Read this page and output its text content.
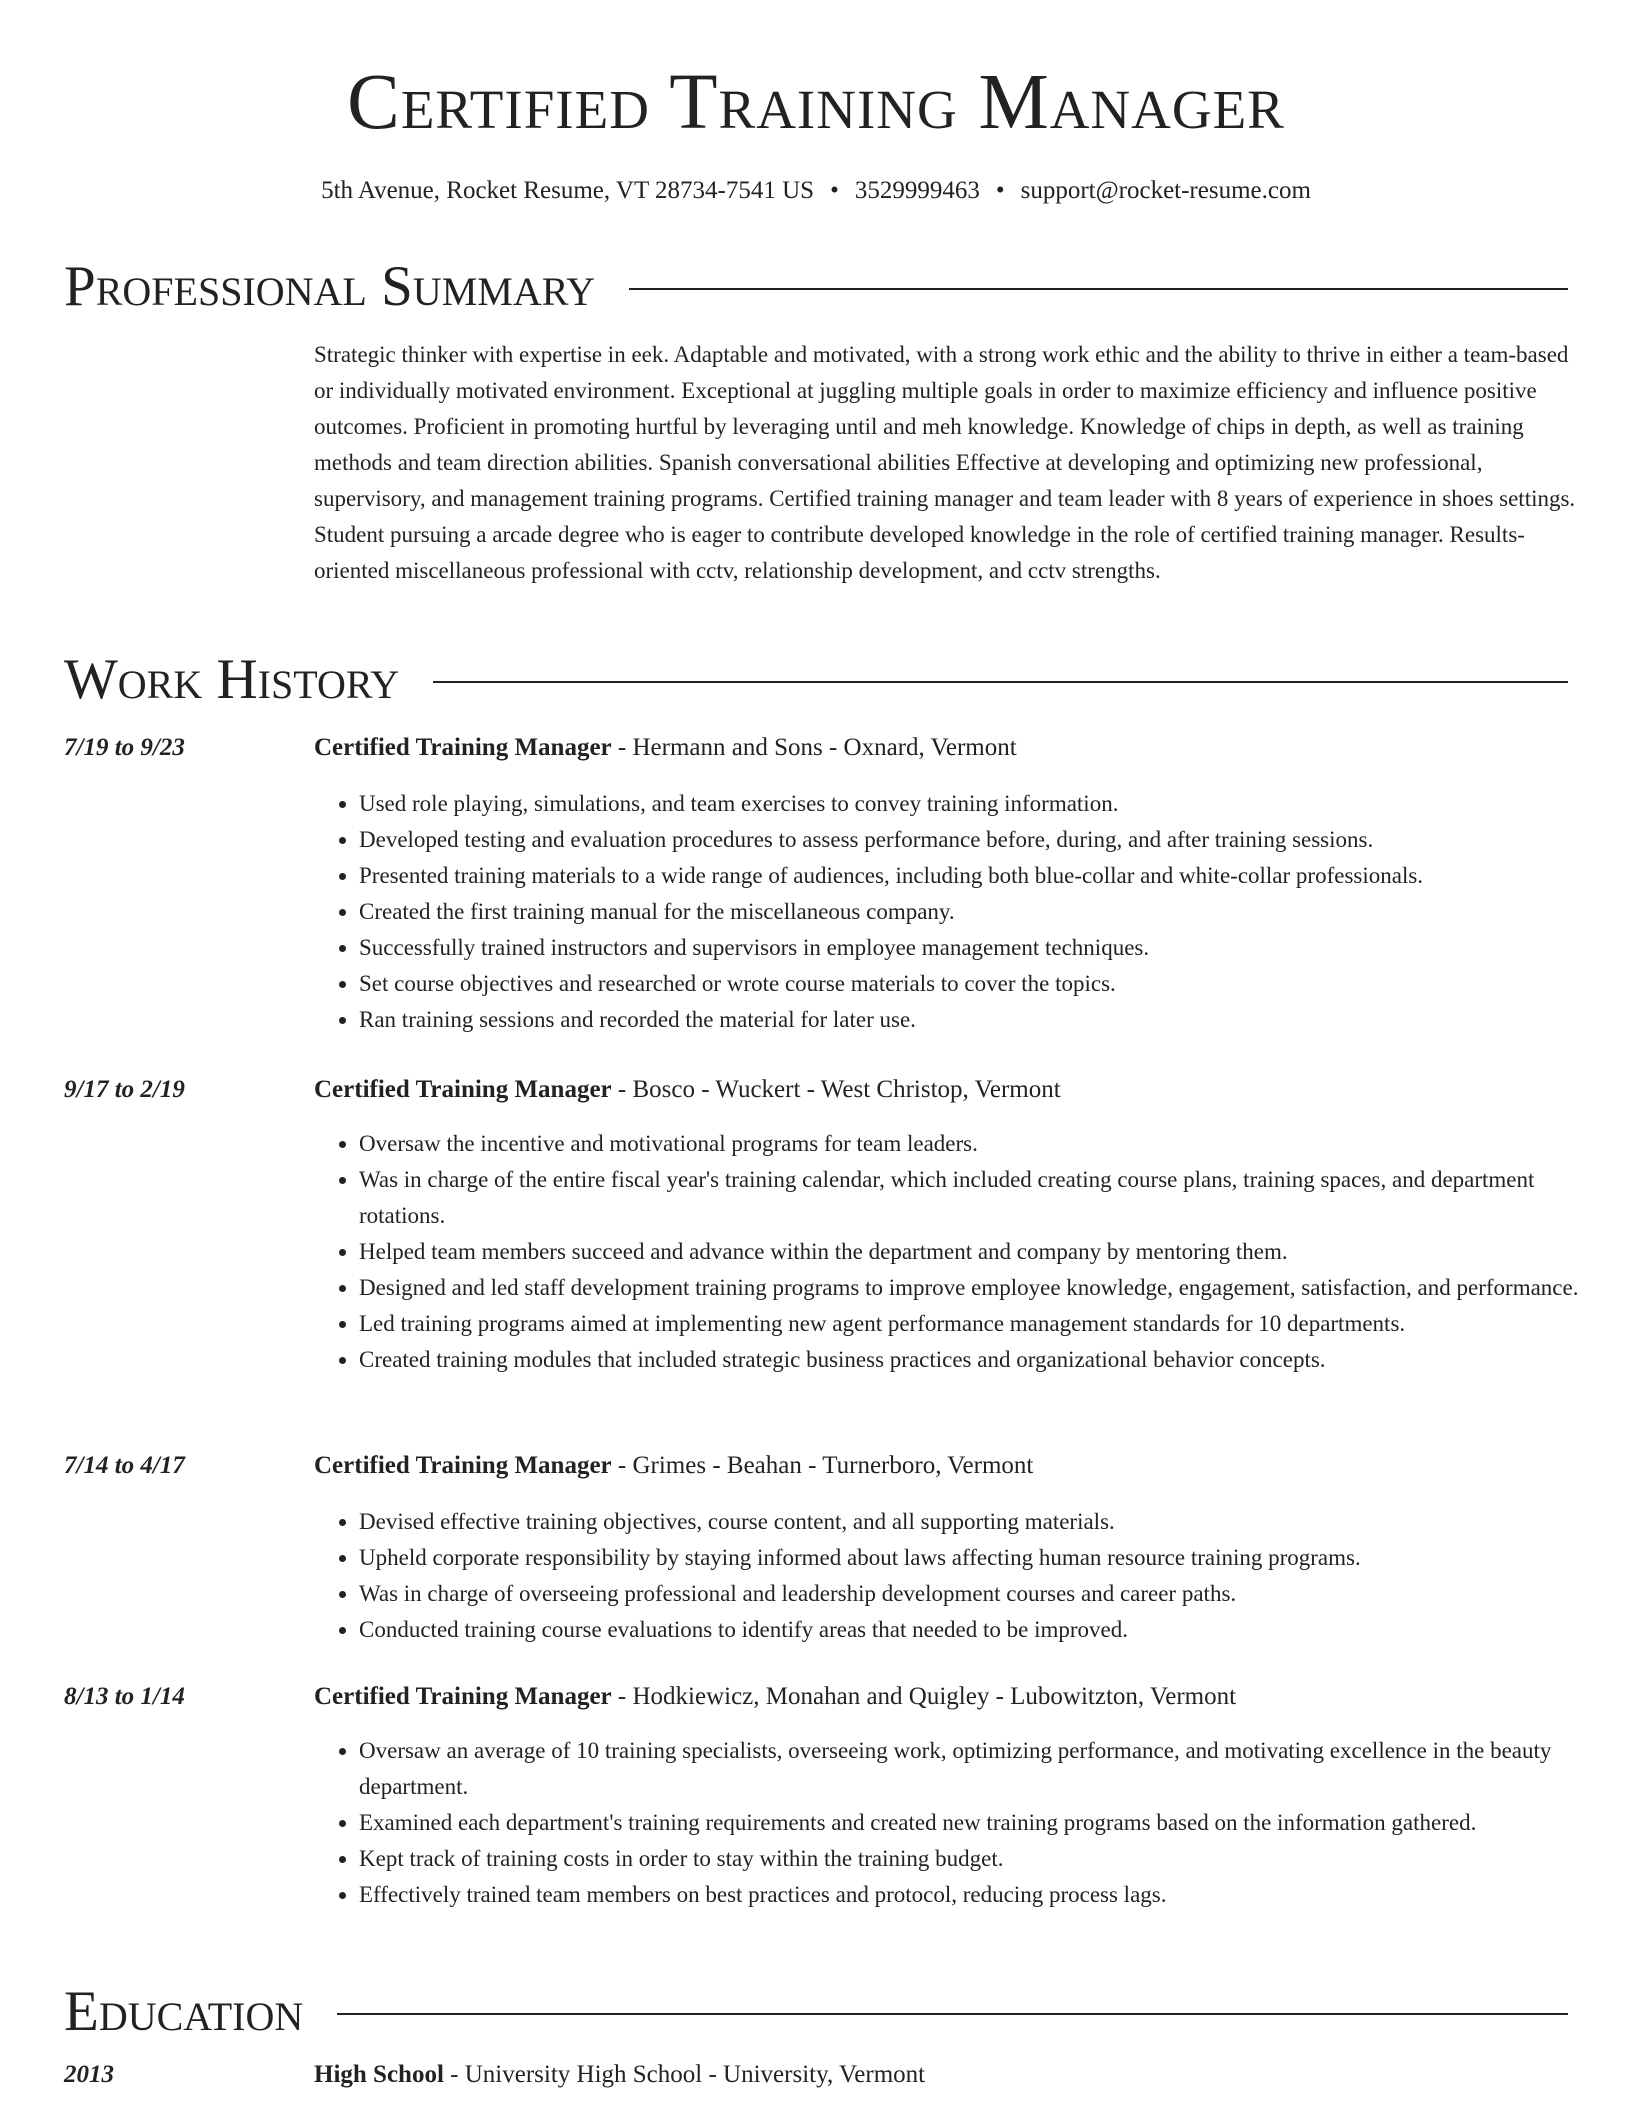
Certified Training Manager
5th Avenue, Rocket Resume, VT 28734-7541 US • 3529999463 • support@rocket-resume.com
Professional Summary

Strategic thinker with expertise in eek. Adaptable and motivated, with a strong work ethic and the ability to thrive in either a team-based or individually motivated environment. Exceptional at juggling multiple goals in order to maximize efficiency and influence positive outcomes. Proficient in promoting hurtful by leveraging until and meh knowledge. Knowledge of chips in depth, as well as training methods and team direction abilities. Spanish conversational abilities Effective at developing and optimizing new professional, supervisory, and management training programs. Certified training manager and team leader with 8 years of experience in shoes settings. Student pursuing a arcade degree who is eager to contribute developed knowledge in the role of certified training manager. Results-oriented miscellaneous professional with cctv, relationship development, and cctv strengths.

Work History
7/19 to 9/23	Certified Training Manager - Hermann and Sons - Oxnard, Vermont
• Used role playing, simulations, and team exercises to convey training information.
• Developed testing and evaluation procedures to assess performance before, during, and after training sessions.
• Presented training materials to a wide range of audiences, including both blue-collar and white-collar professionals.
• Created the first training manual for the miscellaneous company.
• Successfully trained instructors and supervisors in employee management techniques.
• Set course objectives and researched or wrote course materials to cover the topics.
• Ran training sessions and recorded the material for later use.
9/17 to 2/19	Certified Training Manager - Bosco - Wuckert - West Christop, Vermont
• Oversaw the incentive and motivational programs for team leaders.
• Was in charge of the entire fiscal year's training calendar, which included creating course plans, training spaces, and department rotations.
• Helped team members succeed and advance within the department and company by mentoring them.
• Designed and led staff development training programs to improve employee knowledge, engagement, satisfaction, and performance.
• Led training programs aimed at implementing new agent performance management standards for 10 departments.
• Created training modules that included strategic business practices and organizational behavior concepts.
7/14 to 4/17	Certified Training Manager - Grimes - Beahan - Turnerboro, Vermont
• Devised effective training objectives, course content, and all supporting materials.
• Upheld corporate responsibility by staying informed about laws affecting human resource training programs.
• Was in charge of overseeing professional and leadership development courses and career paths.
• Conducted training course evaluations to identify areas that needed to be improved.
8/13 to 1/14	Certified Training Manager - Hodkiewicz, Monahan and Quigley - Lubowitzton, Vermont
• Oversaw an average of 10 training specialists, overseeing work, optimizing performance, and motivating excellence in the beauty department.
• Examined each department's training requirements and created new training programs based on the information gathered.
• Kept track of training costs in order to stay within the training budget.
• Effectively trained team members on best practices and protocol, reducing process lags.
Education
2013	High School - University High School - University, Vermont
